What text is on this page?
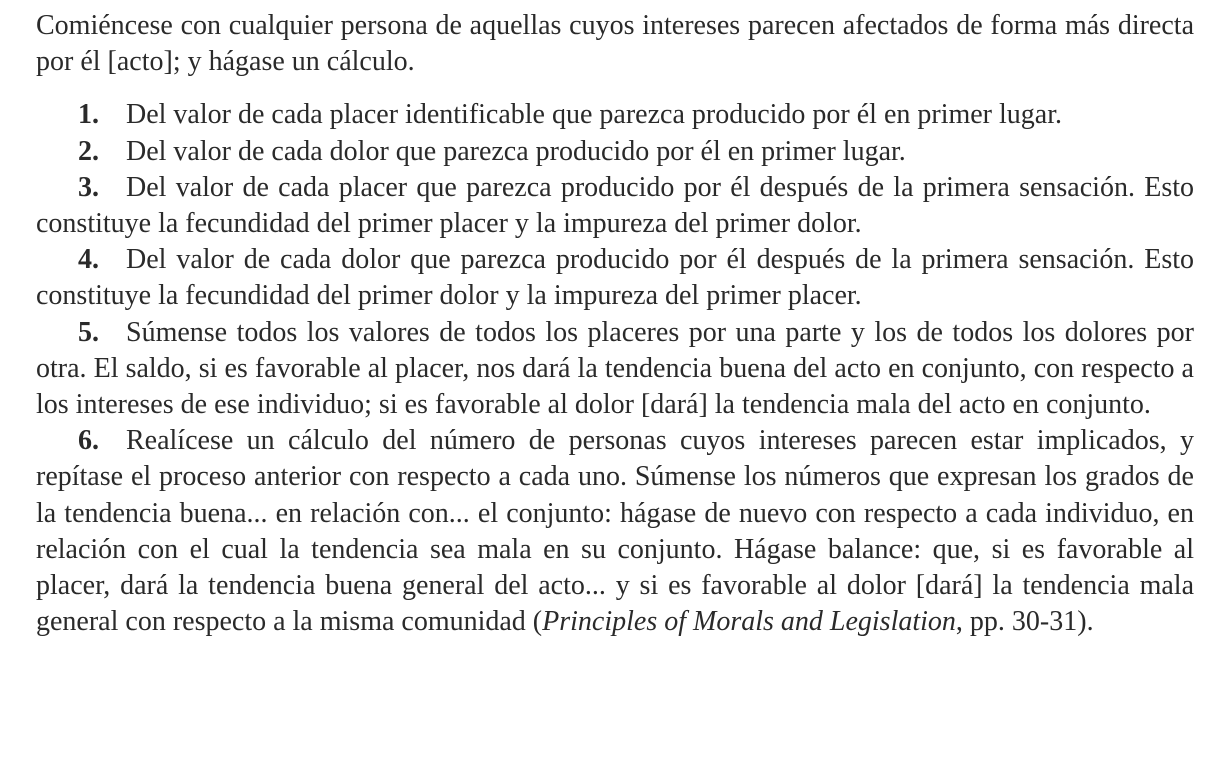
Comiéncese con cualquier persona de aquellas cuyos intereses parecen afectados de forma más directa por él [acto]; y hágase un cálculo.

1. Del valor de cada placer identificable que parezca producido por él en primer lugar.

2. Del valor de cada dolor que parezca producido por él en primer lugar.

3. Del valor de cada placer que parezca producido por él después de la primera sensación. Esto constituye la fecundidad del primer placer y la impureza del primer dolor.

4. Del valor de cada dolor que parezca producido por él después de la primera sensación. Esto constituye la fecundidad del primer dolor y la impureza del primer placer.

5. Súmense todos los valores de todos los placeres por una parte y los de todos los dolores por otra. El saldo, si es favorable al placer, nos dará la tendencia buena del acto en conjunto, con respecto a los intereses de ese individuo; si es favorable al dolor [dará] la tendencia mala del acto en conjunto.

6. Realícese un cálculo del número de personas cuyos intereses parecen estar implicados, y repítase el proceso anterior con respecto a cada uno. Súmense los números que expresan los grados de la tendencia buena... en relación con... el conjunto: hágase de nuevo con respecto a cada individuo, en relación con el cual la tendencia sea mala en su conjunto. Hágase balance: que, si es favorable al placer, dará la tendencia buena general del acto... y si es favorable al dolor [dará] la tendencia mala general con respecto a la misma comunidad (Principles of Morals and Legislation, pp. 30-31).
